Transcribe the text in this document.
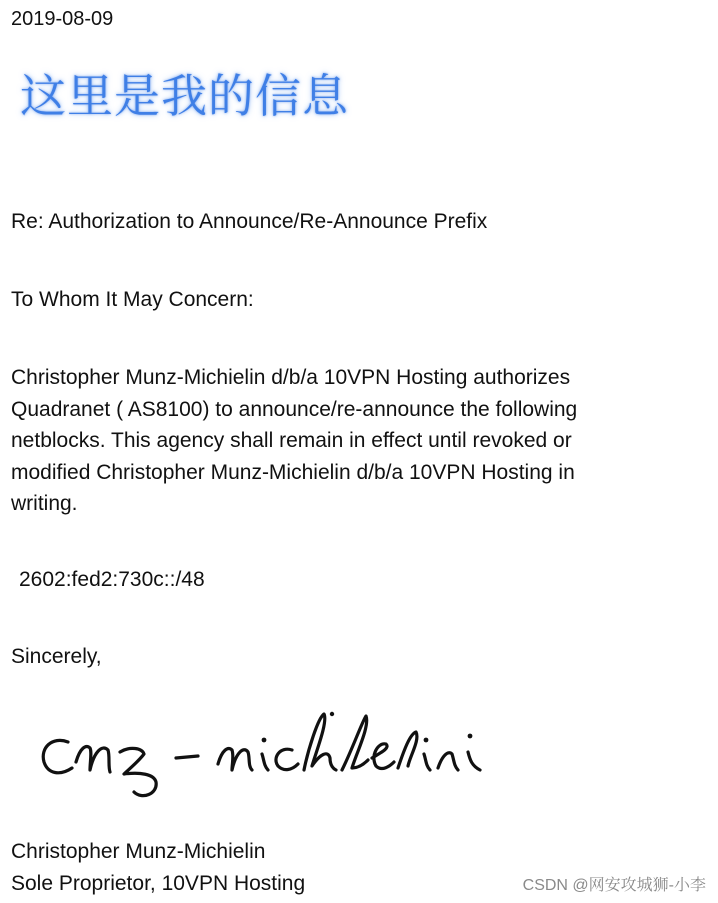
2019-08-09
这里是我的信息
Re: Authorization to Announce/Re-Announce Prefix
To Whom It May Concern:
Christopher Munz-Michielin d/b/a 10VPN Hosting authorizes
Quadranet ( AS8100) to announce/re-announce the following
netblocks. This agency shall remain in effect until revoked or
modified Christopher Munz-Michielin d/b/a 10VPN Hosting in
writing.
2602:fed2:730c::/48
Sincerely,
Christopher Munz-Michielin
Sole Proprietor, 10VPN Hosting	CSDN @网安攻城狮-小李
